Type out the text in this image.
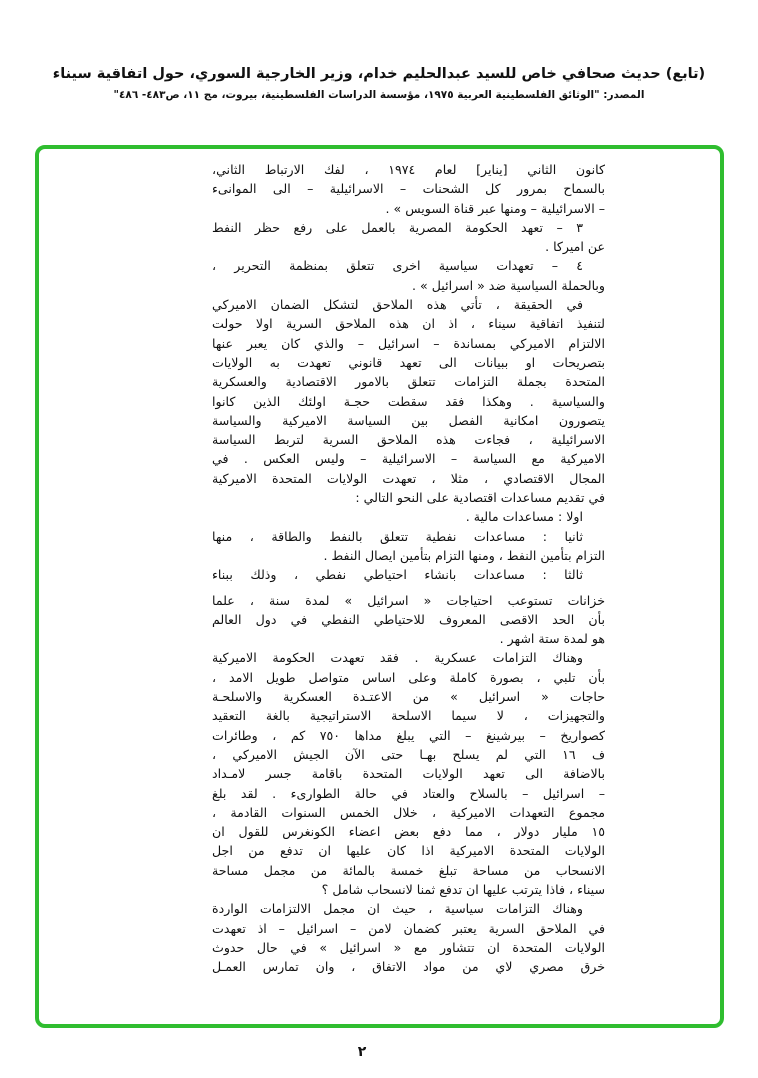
(تابع) حديث صحافي خاص للسيد عبدالحليم خدام، وزير الخارجية السوري، حول اتفاقية سيناء
المصدر: "الوثائق الفلسطينية العربية ١٩٧٥، مؤسسة الدراسات الفلسطينية، بيروت، مج ١١، ص٤٨٣- ٤٨٦"
كانون الثاني [يناير] لعام ١٩٧٤ ، لفك الارتباط الثاني،
بالسماح بمرور كل الشحنات – الاسرائيلية – الى الموانىء
– الاسرائيلية – ومنها عبر قناة السويس » .
٣ – تعهد الحكومة المصرية بالعمل على رفع حظر النفط
عن اميركا .
٤ – تعهدات سياسية اخرى تتعلق بمنظمة التحرير ،
وبالحملة السياسية ضد « اسرائيل » .
في الحقيقة ، تأتي هذه الملاحق لتشكل الضمان الاميركي
لتنفيذ اتفاقية سيناء ، اذ ان هذه الملاحق السرية اولا حولت
الالتزام الاميركي بمساندة – اسرائيل – والذي كان يعبر عنها
بتصريحات او ببيانات الى تعهد قانوني تعهدت به الولايات
المتحدة بجملة التزامات تتعلق بالامور الاقتصادية والعسكرية
والسياسية . وهكذا فقد سقطت حجـة اولئك الذين كانوا
يتصورون امكانية الفصل بين السياسة الاميركية والسياسة
الاسرائيلية ، فجاءت هذه الملاحق السرية لتربط السياسة
الاميركية مع السياسة – الاسرائيلية – وليس العكس . في
المجال الاقتصادي ، مثلا ، تعهدت الولايات المتحدة الاميركية
في تقديم مساعدات اقتصادية على النحو التالي :
اولا : مساعدات مالية .
ثانيا : مساعدات نفطية تتعلق بالنفط والطاقة ، منها
التزام بتأمين النفط ، ومنها التزام بتأمين ايصال النفط .
ثالثا : مساعدات بانشاء احتياطي نفطي ، وذلك ببناء
خزانات تستوعب احتياجات « اسرائيل » لمدة سنة ، علما
بأن الحد الاقصى المعروف للاحتياطي النفطي في دول العالم
هو لمدة ستة اشهر .
وهناك التزامات عسكرية . فقد تعهدت الحكومة الاميركية
بأن تلبي ، بصورة كاملة وعلى اساس متواصل طويل الامد ،
حاجات « اسرائيل » من الاعتـدة العسكرية والاسلحـة
والتجهيزات ، لا سيما الاسلحة الاستراتيجية بالغة التعقيد
كصواريخ – بيرشينغ – التي يبلغ مداها ٧٥٠ كم ، وطائرات
ف ١٦ التي لم يسلح بهـا حتى الآن الجيش الاميركي ،
بالاضافة الى تعهد الولايات المتحدة باقامة جسر لامـداد
– اسرائيل – بالسلاح والعتاد في حالة الطوارىء . لقد بلغ
مجموع التعهدات الاميركية ، خلال الخمس السنوات القادمة ،
١٥ مليار دولار ، مما دفع بعض اعضاء الكونغرس للقول ان
الولايات المتحدة الاميركية اذا كان عليها ان تدفع من اجل
الانسحاب من مساحة تبلغ خمسة بالمائة من مجمل مساحة
سيناء ، فاذا يترتب عليها ان تدفع ثمنا لانسحاب شامل ؟
وهناك التزامات سياسية ، حيث ان مجمل الالتزامات الواردة
في الملاحق السرية يعتبر كضمان لامن – اسرائيل – اذ تعهدت
الولايات المتحدة ان تتشاور مع « اسرائيل » في حال حدوث
خرق مصري لاي من مواد الاتفاق ، وان تمارس العمـل
٢
